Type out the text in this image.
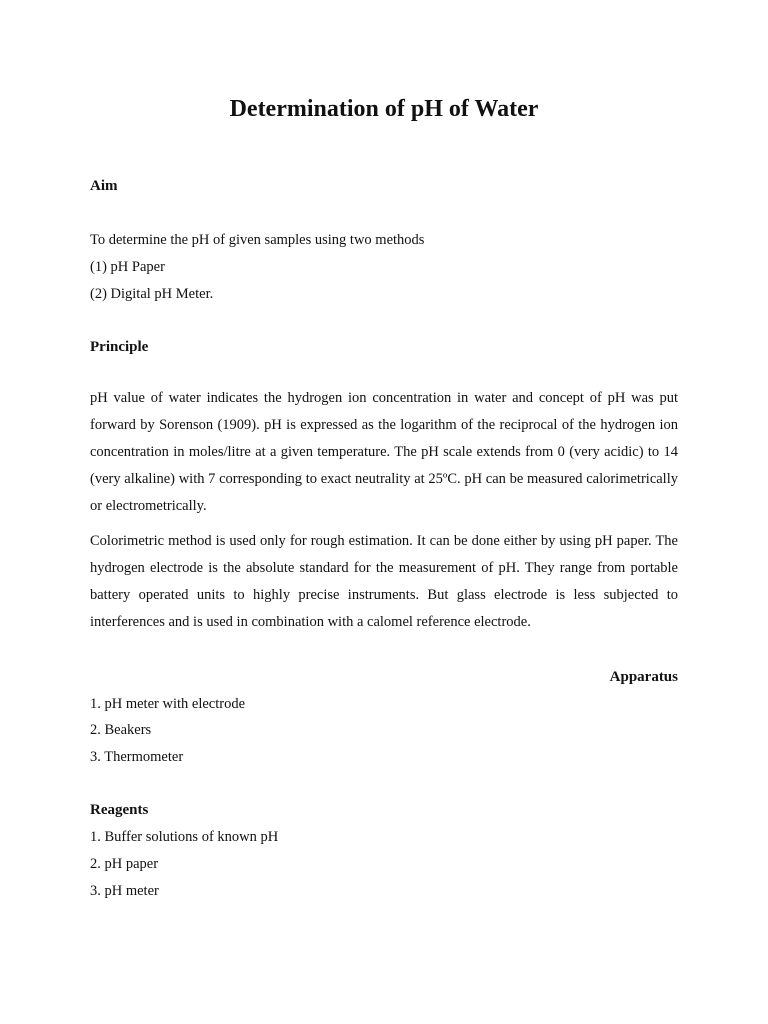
Determination of pH of Water
Aim

To determine the pH of given samples using two methods

(1) pH Paper

(2) Digital pH Meter.

Principle

pH value of water indicates the hydrogen ion concentration in water and concept of pH was put forward by Sorenson (1909). pH is expressed as the logarithm of the reciprocal of the hydrogen ion concentration in moles/litre at a given temperature. The pH scale extends from 0 (very acidic) to 14 (very alkaline) with 7 corresponding to exact neutrality at 25ºC. pH can be measured calorimetrically or electrometrically.

Colorimetric method is used only for rough estimation. It can be done either by using pH paper. The hydrogen electrode is the absolute standard for the measurement of pH. They range from portable battery operated units to highly precise instruments. But glass electrode is less subjected to interferences and is used in combination with a calomel reference electrode.

Apparatus

1. pH meter with electrode

2. Beakers

3. Thermometer

Reagents

1. Buffer solutions of known pH

2. pH paper

3. pH meter
